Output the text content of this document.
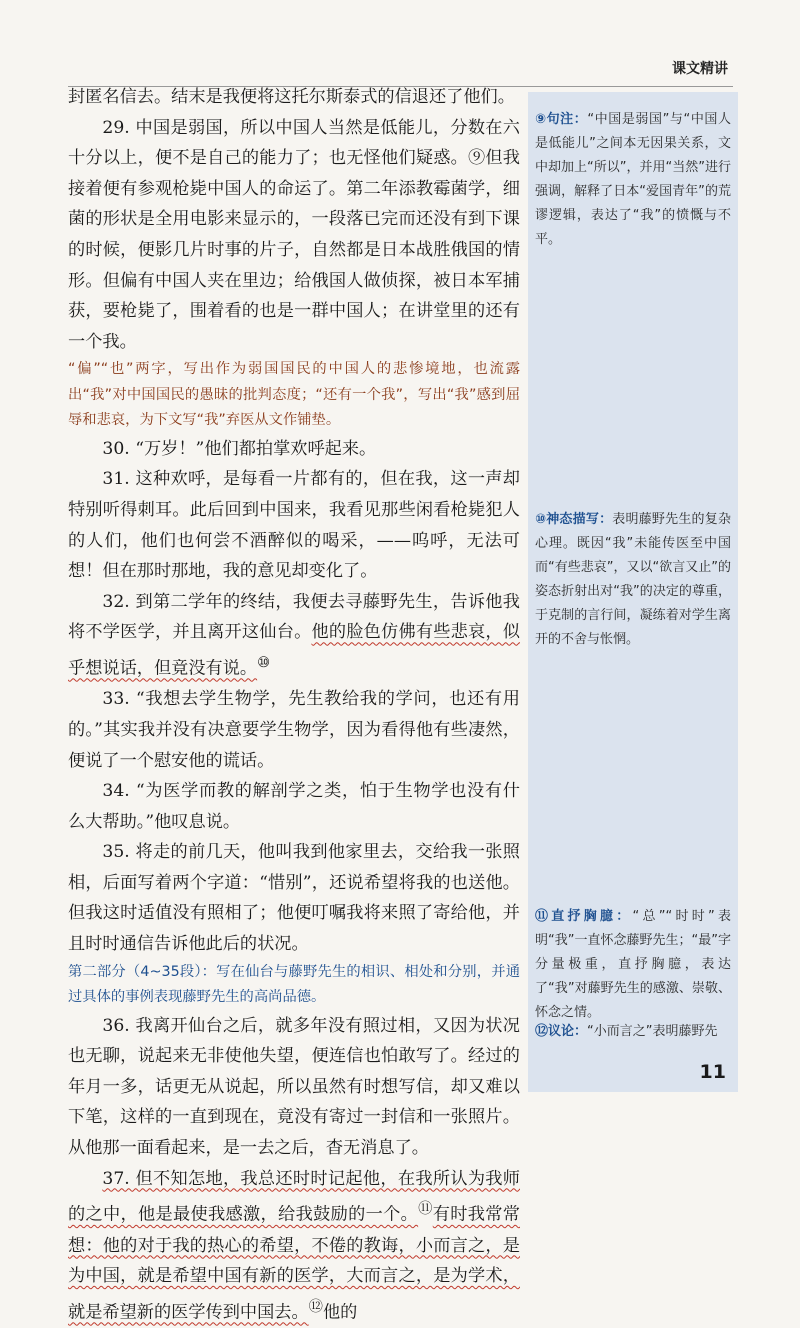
课文精讲

封匿名信去。结末是我便将这托尔斯泰式的信退还了他们。

29. 中国是弱国，所以中国人当然是低能儿，分数在六十分以上，便不是自己的能力了；也无怪他们疑惑。⑨但我接着便有参观枪毙中国人的命运了。第二年添教霉菌学，细菌的形状是全用电影来显示的，一段落已完而还没有到下课的时候，便影几片时事的片子，自然都是日本战胜俄国的情形。但偏有中国人夹在里边；给俄国人做侦探，被日本军捕获，要枪毙了，围着看的也是一群中国人；在讲堂里的还有一个我。

“偏”“也”两字，写出作为弱国国民的中国人的悲惨境地，也流露出“我”对中国国民的愚昧的批判态度；“还有一个我”，写出“我”感到屈辱和悲哀，为下文写“我”弃医从文作铺垫。

30. “万岁！”他们都拍掌欢呼起来。

31. 这种欢呼，是每看一片都有的，但在我，这一声却特别听得刺耳。此后回到中国来，我看见那些闲看枪毙犯人的人们，他们也何尝不酒醉似的喝采，——呜呼，无法可想！但在那时那地，我的意见却变化了。

32. 到第二学年的终结，我便去寻藤野先生，告诉他我将不学医学，并且离开这仙台。他的脸色仿佛有些悲哀，似乎想说话，但竟没有说。⑩

33. “我想去学生物学，先生教给我的学问，也还有用的。”其实我并没有决意要学生物学，因为看得他有些凄然，便说了一个慰安他的谎话。

34. “为医学而教的解剖学之类，怕于生物学也没有什么大帮助。”他叹息说。

35. 将走的前几天，他叫我到他家里去，交给我一张照相，后面写着两个字道：“惜别”，还说希望将我的也送他。但我这时适值没有照相了；他便叮嘱我将来照了寄给他，并且时时通信告诉他此后的状况。

第二部分（4~35段）：写在仙台与藤野先生的相识、相处和分别，并通过具体的事例表现藤野先生的高尚品德。

36. 我离开仙台之后，就多年没有照过相，又因为状况也无聊，说起来无非使他失望，便连信也怕敢写了。经过的年月一多，话更无从说起，所以虽然有时想写信，却又难以下笔，这样的一直到现在，竟没有寄过一封信和一张照片。从他那一面看起来，是一去之后，杳无消息了。

37. 但不知怎地，我总还时时记起他，在我所认为我师的之中，他是最使我感激，给我鼓励的一个。⑪有时我常常想：他的对于我的热心的希望，不倦的教诲，小而言之，是为中国，就是希望中国有新的医学，大而言之，是为学术，就是希望新的医学传到中国去。⑫他的

⑨句注：“中国是弱国”与“中国人是低能儿”之间本无因果关系，文中却加上“所以”，并用“当然”进行强调，解释了日本“爱国青年”的荒谬逻辑，表达了“我”的愤慨与不平。
⑩神态描写：表明藤野先生的复杂心理。既因“我”未能传医至中国而“有些悲哀”，又以“欲言又止”的姿态折射出对“我”的决定的尊重，于克制的言行间，凝练着对学生离开的不舍与怅惘。
⑪直抒胸臆：“总”“时时”表明“我”一直怀念藤野先生；“最”字分量极重，直抒胸臆，表达了“我”对藤野先生的感激、崇敬、怀念之情。
⑫议论：“小而言之”表明藤野先
11
